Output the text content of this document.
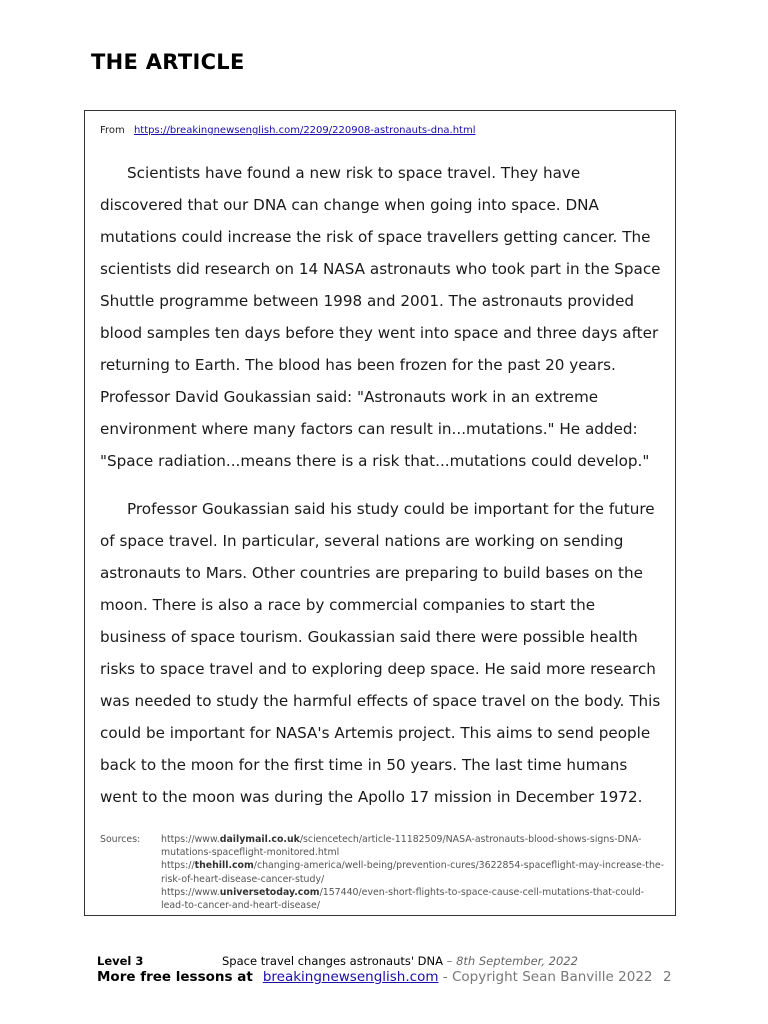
THE ARTICLE
From https://breakingnewsenglish.com/2209/220908-astronauts-dna.html

Scientists have found a new risk to space travel. They have discovered that our DNA can change when going into space. DNA mutations could increase the risk of space travellers getting cancer. The scientists did research on 14 NASA astronauts who took part in the Space Shuttle programme between 1998 and 2001. The astronauts provided blood samples ten days before they went into space and three days after returning to Earth. The blood has been frozen for the past 20 years. Professor David Goukassian said: "Astronauts work in an extreme environment where many factors can result in...mutations." He added: "Space radiation...means there is a risk that...mutations could develop."

Professor Goukassian said his study could be important for the future of space travel. In particular, several nations are working on sending astronauts to Mars. Other countries are preparing to build bases on the moon. There is also a race by commercial companies to start the business of space tourism. Goukassian said there were possible health risks to space travel and to exploring deep space. He said more research was needed to study the harmful effects of space travel on the body. This could be important for NASA's Artemis project. This aims to send people back to the moon for the first time in 50 years. The last time humans went to the moon was during the Apollo 17 mission in December 1972.

Sources: https://www.dailymail.co.uk/sciencetech/article-11182509/NASA-astronauts-blood-shows-signs-DNA-mutations-spaceflight-monitored.html
https://thehill.com/changing-america/well-being/prevention-cures/3622854-spaceflight-may-increase-the-risk-of-heart-disease-cancer-study/
https://www.universetoday.com/157440/even-short-flights-to-space-cause-cell-mutations-that-could-lead-to-cancer-and-heart-disease/
Level 3	Space travel changes astronauts' DNA – 8th September, 2022
More free lessons at breakingnewsenglish.com - Copyright Sean Banville 2022 2
